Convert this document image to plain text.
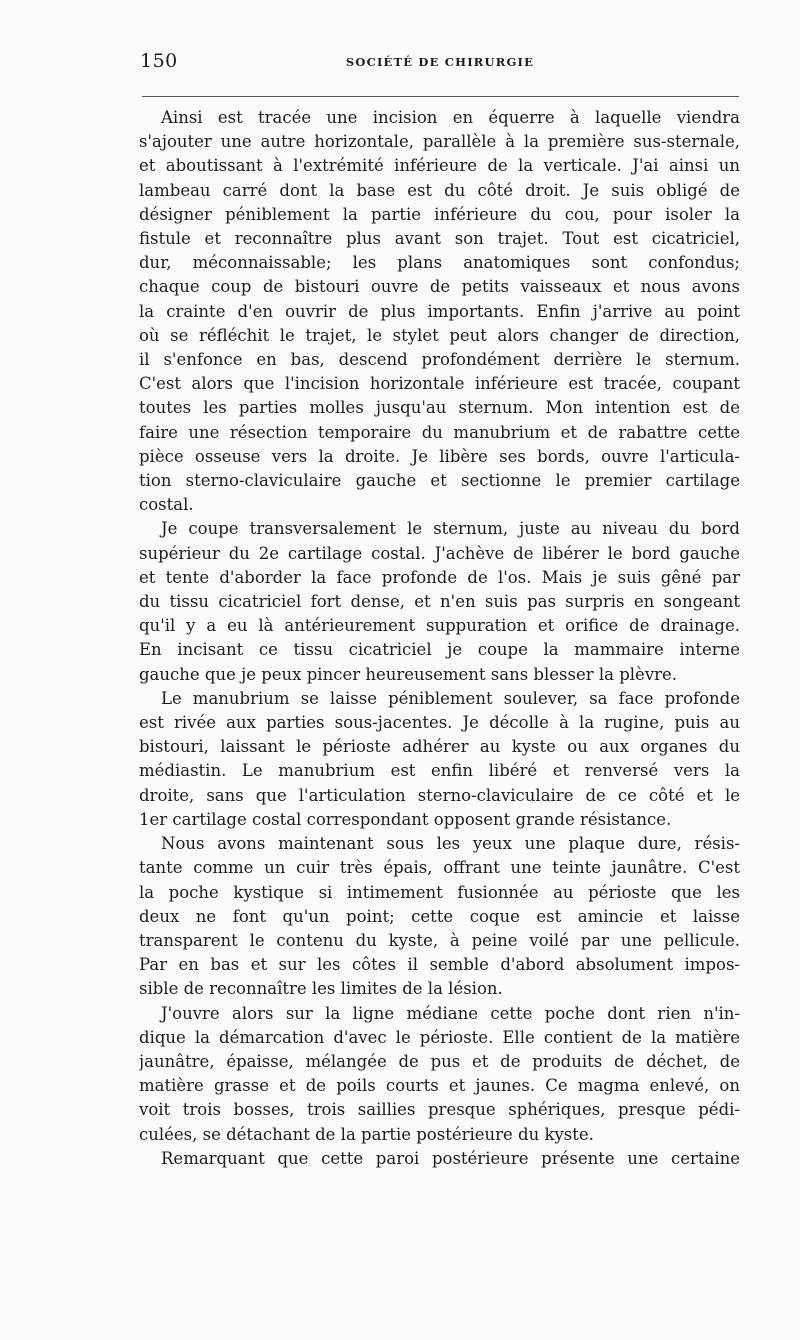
150	SOCIÉTÉ DE CHIRURGIE

Ainsi est tracée une incision en équerre à laquelle viendra
s'ajouter une autre horizontale, parallèle à la première sus-sternale,
et aboutissant à l'extrémité inférieure de la verticale. J'ai ainsi un
lambeau carré dont la base est du côté droit. Je suis obligé de
désigner péniblement la partie inférieure du cou, pour isoler la
fistule et reconnaître plus avant son trajet. Tout est cicatriciel,
dur, méconnaissable; les plans anatomiques sont confondus;
chaque coup de bistouri ouvre de petits vaisseaux et nous avons
la crainte d'en ouvrir de plus importants. Enfin j'arrive au point
où se réfléchit le trajet, le stylet peut alors changer de direction,
il s'enfonce en bas, descend profondément derrière le sternum.
C'est alors que l'incision horizontale inférieure est tracée, coupant
toutes les parties molles jusqu'au sternum. Mon intention est de
faire une résection temporaire du manubrium et de rabattre cette
pièce osseuse vers la droite. Je libère ses bords, ouvre l'articula-
tion sterno-claviculaire gauche et sectionne le premier cartilage
costal.

Je coupe transversalement le sternum, juste au niveau du bord
supérieur du 2e cartilage costal. J'achève de libérer le bord gauche
et tente d'aborder la face profonde de l'os. Mais je suis gêné par
du tissu cicatriciel fort dense, et n'en suis pas surpris en songeant
qu'il y a eu là antérieurement suppuration et orifice de drainage.
En incisant ce tissu cicatriciel je coupe la mammaire interne
gauche que je peux pincer heureusement sans blesser la plèvre.

Le manubrium se laisse péniblement soulever, sa face profonde
est rivée aux parties sous-jacentes. Je décolle à la rugine, puis au
bistouri, laissant le périoste adhérer au kyste ou aux organes du
médiastin. Le manubrium est enfin libéré et renversé vers la
droite, sans que l'articulation sterno-claviculaire de ce côté et le
1er cartilage costal correspondant opposent grande résistance.

Nous avons maintenant sous les yeux une plaque dure, résis-
tante comme un cuir très épais, offrant une teinte jaunâtre. C'est
la poche kystique si intimement fusionnée au périoste que les
deux ne font qu'un point; cette coque est amincie et laisse
transparent le contenu du kyste, à peine voilé par une pellicule.
Par en bas et sur les côtes il semble d'abord absolument impos-
sible de reconnaître les limites de la lésion.

J'ouvre alors sur la ligne médiane cette poche dont rien n'in-
dique la démarcation d'avec le périoste. Elle contient de la matière
jaunâtre, épaisse, mélangée de pus et de produits de déchet, de
matière grasse et de poils courts et jaunes. Ce magma enlevé, on
voit trois bosses, trois saillies presque sphériques, presque pédi-
culées, se détachant de la partie postérieure du kyste.

Remarquant que cette paroi postérieure présente une certaine
